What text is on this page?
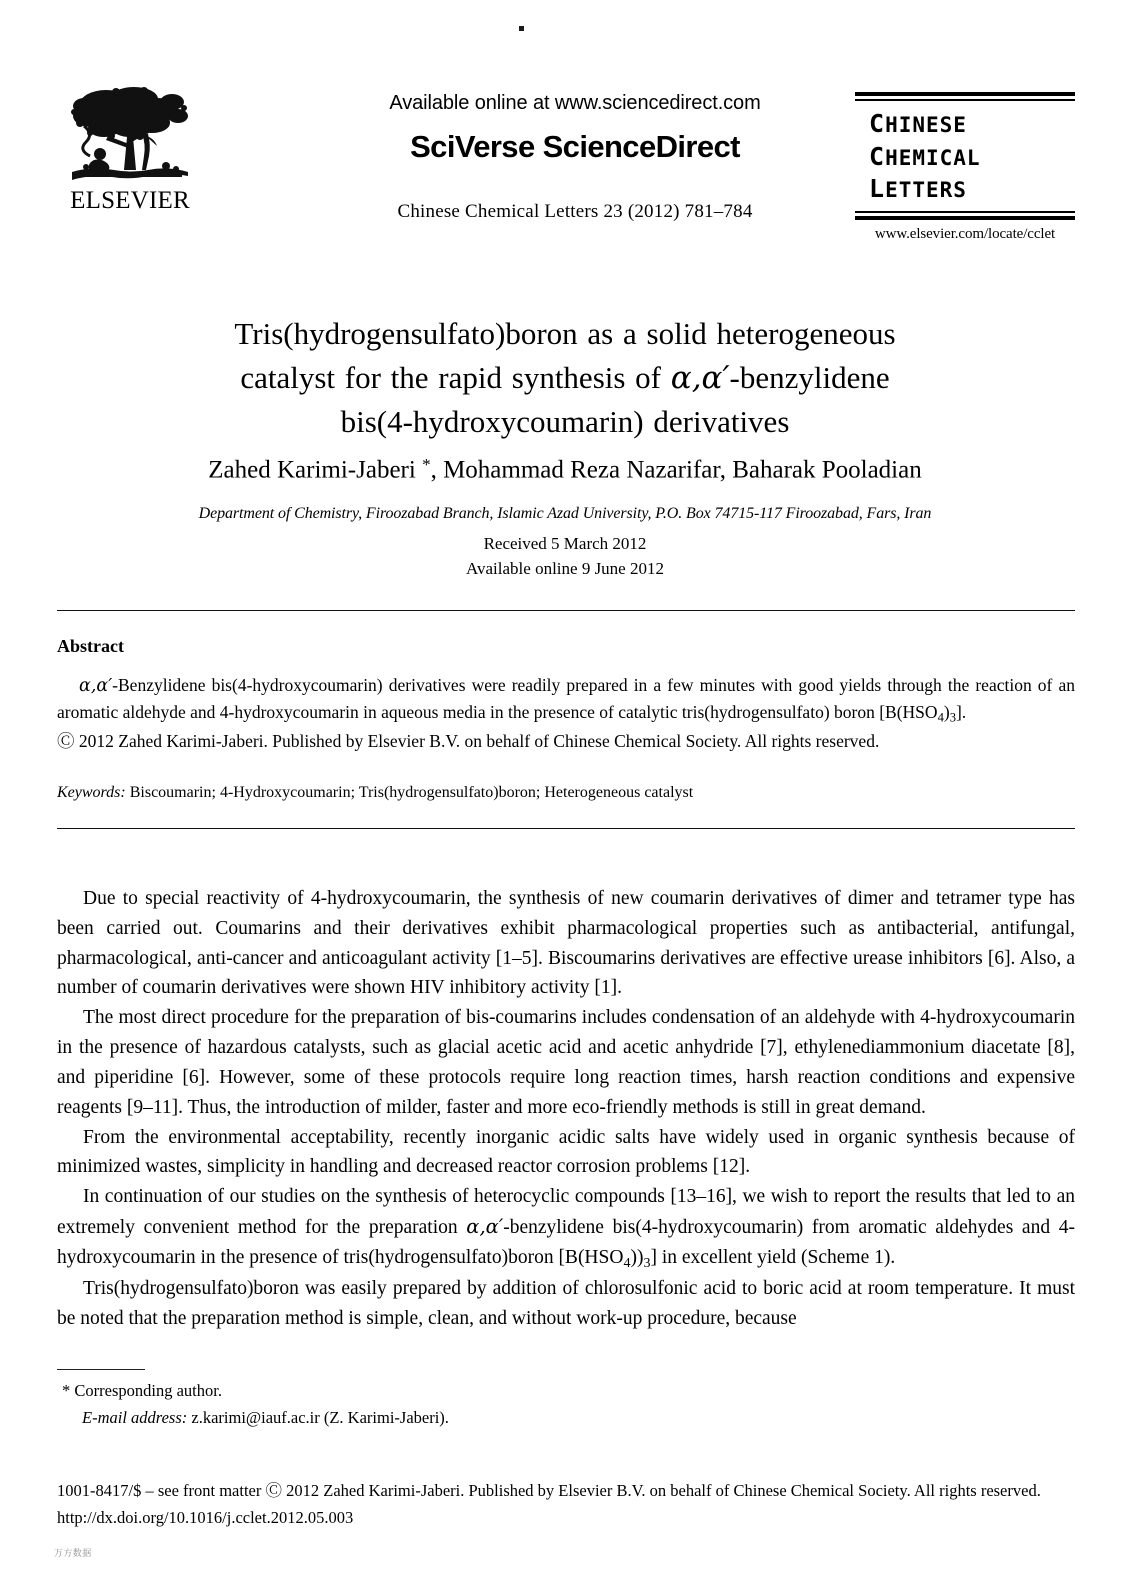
ELSEVIER
Available online at www.sciencedirect.com
SciVerse ScienceDirect
Chinese Chemical Letters 23 (2012) 781–784
CHINESE
CHEMICAL
LETTERS
www.elsevier.com/locate/cclet
Tris(hydrogensulfato)boron as a solid heterogeneous
catalyst for the rapid synthesis of α,α′-benzylidene
bis(4-hydroxycoumarin) derivatives
Zahed Karimi-Jaberi *, Mohammad Reza Nazarifar, Baharak Pooladian
Department of Chemistry, Firoozabad Branch, Islamic Azad University, P.O. Box 74715-117 Firoozabad, Fars, Iran
Received 5 March 2012
Available online 9 June 2012
Abstract

α,α′-Benzylidene bis(4-hydroxycoumarin) derivatives were readily prepared in a few minutes with good yields through the reaction of an aromatic aldehyde and 4-hydroxycoumarin in aqueous media in the presence of catalytic tris(hydrogensulfato) boron $[B(HSO_4)_3]$.

Ⓒ 2012 Zahed Karimi-Jaberi. Published by Elsevier B.V. on behalf of Chinese Chemical Society. All rights reserved.

Keywords: Biscoumarin; 4-Hydroxycoumarin; Tris(hydrogensulfato)boron; Heterogeneous catalyst

Due to special reactivity of 4-hydroxycoumarin, the synthesis of new coumarin derivatives of dimer and tetramer type has been carried out. Coumarins and their derivatives exhibit pharmacological properties such as antibacterial, antifungal, pharmacological, anti-cancer and anticoagulant activity [1–5]. Biscoumarins derivatives are effective urease inhibitors [6]. Also, a number of coumarin derivatives were shown HIV inhibitory activity [1].

The most direct procedure for the preparation of bis-coumarins includes condensation of an aldehyde with 4-hydroxycoumarin in the presence of hazardous catalysts, such as glacial acetic acid and acetic anhydride [7], ethylenediammonium diacetate [8], and piperidine [6]. However, some of these protocols require long reaction times, harsh reaction conditions and expensive reagents [9–11]. Thus, the introduction of milder, faster and more eco-friendly methods is still in great demand.

From the environmental acceptability, recently inorganic acidic salts have widely used in organic synthesis because of minimized wastes, simplicity in handling and decreased reactor corrosion problems [12].

In continuation of our studies on the synthesis of heterocyclic compounds [13–16], we wish to report the results that led to an extremely convenient method for the preparation α,α′-benzylidene bis(4-hydroxycoumarin) from aromatic aldehydes and 4-hydroxycoumarin in the presence of tris(hydrogensulfato)boron $[B(HSO_4))_3$] in excellent yield (Scheme 1).

Tris(hydrogensulfato)boron was easily prepared by addition of chlorosulfonic acid to boric acid at room temperature. It must be noted that the preparation method is simple, clean, and without work-up procedure, because

* Corresponding author.
E-mail address: z.karimi@iauf.ac.ir (Z. Karimi-Jaberi).
1001-8417/$ – see front matter Ⓒ 2012 Zahed Karimi-Jaberi. Published by Elsevier B.V. on behalf of Chinese Chemical Society. All rights reserved.
http://dx.doi.org/10.1016/j.cclet.2012.05.003
万方数据
